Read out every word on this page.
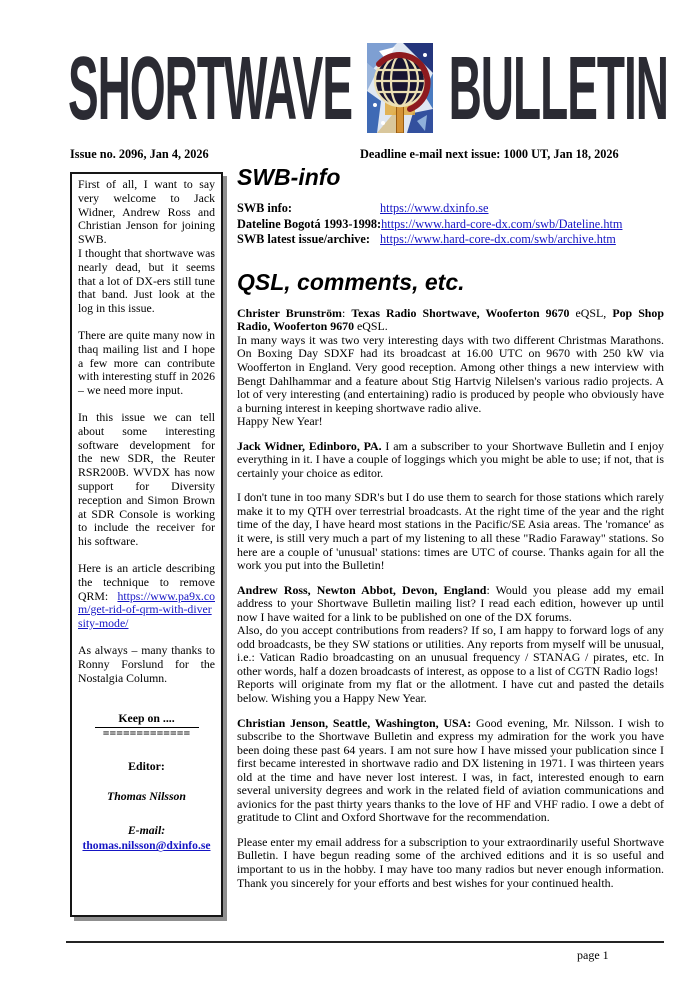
SHORTWAVE BULLETIN
Issue no. 2096, Jan 4, 2026	Deadline e-mail next issue: 1000 UT, Jan 18, 2026
First of all, I want to say very welcome to Jack Widner, Andrew Ross and Christian Jenson for joining SWB.
I thought that shortwave was nearly dead, but it seems that a lot of DX-ers still tune that band. Just look at the log in this issue.
There are quite many now in thaq mailing list and I hope a few more can contribute with interesting stuff in 2026 – we need more input.
In this issue we can tell about some interesting software development for the new SDR, the Reuter RSR200B. WVDX has now support for Diversity reception and Simon Brown at SDR Console is working to include the receiver for his software.
Here is an article describing the technique to remove QRM: https://www.pa9x.com/get-rid-of-qrm-with-diversity-mode/
As always – many thanks to Ronny Forslund for the Nostalgia Column.
Keep on ....
=============
Editor:
Thomas Nilsson
E-mail:
thomas.nilsson@dxinfo.se
SWB-info
SWB info:	https://www.dxinfo.se
Dateline Bogotá 1993-1998:https://www.hard-core-dx.com/swb/Dateline.htm
SWB latest issue/archive: https://www.hard-core-dx.com/swb/archive.htm
QSL, comments, etc.
Christer Brunström: Texas Radio Shortwave, Wooferton 9670 eQSL, Pop Shop Radio, Wooferton 9670 eQSL.
In many ways it was two very interesting days with two different Christmas Marathons. On Boxing Day SDXF had its broadcast at 16.00 UTC on 9670 with 250 kW via Woofferton in England. Very good reception. Among other things a new interview with Bengt Dahlhammar and a feature about Stig Hartvig Nilelsen's various radio projects. A lot of very interesting (and entertaining) radio is produced by people who obviously have a burning interest in keeping shortwave radio alive.
Happy New Year!
Jack Widner, Edinboro, PA. I am a subscriber to your Shortwave Bulletin and I enjoy everything in it. I have a couple of loggings which you might be able to use; if not, that is certainly your choice as editor.
I don't tune in too many SDR's but I do use them to search for those stations which rarely make it to my QTH over terrestrial broadcasts. At the right time of the year and the right time of the day, I have heard most stations in the Pacific/SE Asia areas. The 'romance' as it were, is still very much a part of my listening to all these "Radio Faraway" stations. So here are a couple of 'unusual' stations: times are UTC of course. Thanks again for all the work you put into the Bulletin!
Andrew Ross, Newton Abbot, Devon, England: Would you please add my email address to your Shortwave Bulletin mailing list? I read each edition, however up until now I have waited for a link to be published on one of the DX forums.
Also, do you accept contributions from readers? If so, I am happy to forward logs of any odd broadcasts, be they SW stations or utilities. Any reports from myself will be unusual, i.e.: Vatican Radio broadcasting on an unusual frequency / STANAG / pirates, etc. In other words, half a dozen broadcasts of interest, as oppose to a list of CGTN Radio logs!
Reports will originate from my flat or the allotment. I have cut and pasted the details below. Wishing you a Happy New Year.
Christian Jenson, Seattle, Washington, USA: Good evening, Mr. Nilsson. I wish to subscribe to the Shortwave Bulletin and express my admiration for the work you have been doing these past 64 years. I am not sure how I have missed your publication since I first became interested in shortwave radio and DX listening in 1971. I was thirteen years old at the time and have never lost interest. I was, in fact, interested enough to earn several university degrees and work in the related field of aviation communications and avionics for the past thirty years thanks to the love of HF and VHF radio. I owe a debt of gratitude to Clint and Oxford Shortwave for the recommendation.
Please enter my email address for a subscription to your extraordinarily useful Shortwave Bulletin. I have begun reading some of the archived editions and it is so useful and important to us in the hobby. I may have too many radios but never enough information. Thank you sincerely for your efforts and best wishes for your continued health.
page 1
